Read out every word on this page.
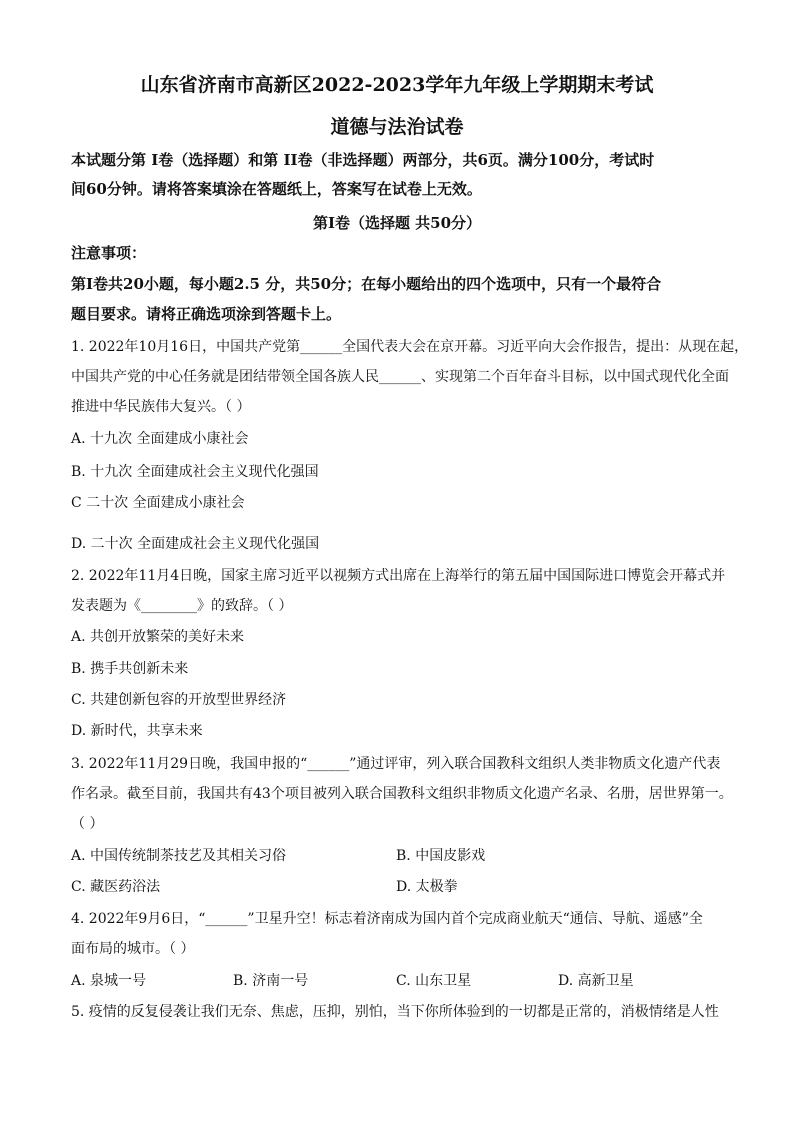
山东省济南市高新区2022-2023学年九年级上学期期末考试
道德与法治试卷
本试题分第 I卷（选择题）和第 II卷（非选择题）两部分，共6页。满分100分，考试时
间60分钟。请将答案填涂在答题纸上，答案写在试卷上无效。
第I卷（选择题 共50分）
注意事项：
第I卷共20小题，每小题2.5 分，共50分；在每小题给出的四个选项中，只有一个最符合
题目要求。请将正确选项涂到答题卡上。
1. 2022年10月16日，中国共产党第______全国代表大会在京开幕。习近平向大会作报告，提出：从现在起，
中国共产党的中心任务就是团结带领全国各族人民______、实现第二个百年奋斗目标，以中国式现代化全面
推进中华民族伟大复兴。（ ）
A. 十九次 全面建成小康社会
B. 十九次 全面建成社会主义现代化强国
C 二十次 全面建成小康社会
D. 二十次 全面建成社会主义现代化强国
2. 2022年11月4日晚，国家主席习近平以视频方式出席在上海举行的第五届中国国际进口博览会开幕式并
发表题为《________》的致辞。（ ）
A. 共创开放繁荣的美好未来
B. 携手共创新未来
C. 共建创新包容的开放型世界经济
D. 新时代，共享未来
3. 2022年11月29日晚，我国申报的“______”通过评审，列入联合国教科文组织人类非物质文化遗产代表
作名录。截至目前，我国共有43个项目被列入联合国教科文组织非物质文化遗产名录、名册，居世界第一。
（ ）
A. 中国传统制茶技艺及其相关习俗	B. 中国皮影戏
C. 藏医药浴法	D. 太极拳
4. 2022年9月6日，“______”卫星升空！标志着济南成为国内首个完成商业航天“通信、导航、遥感”全
面布局的城市。（ ）
A. 泉城一号	B. 济南一号	C. 山东卫星	D. 高新卫星
5. 疫情的反复侵袭让我们无奈、焦虑，压抑，别怕，当下你所体验到的一切都是正常的，消极情绪是人性
